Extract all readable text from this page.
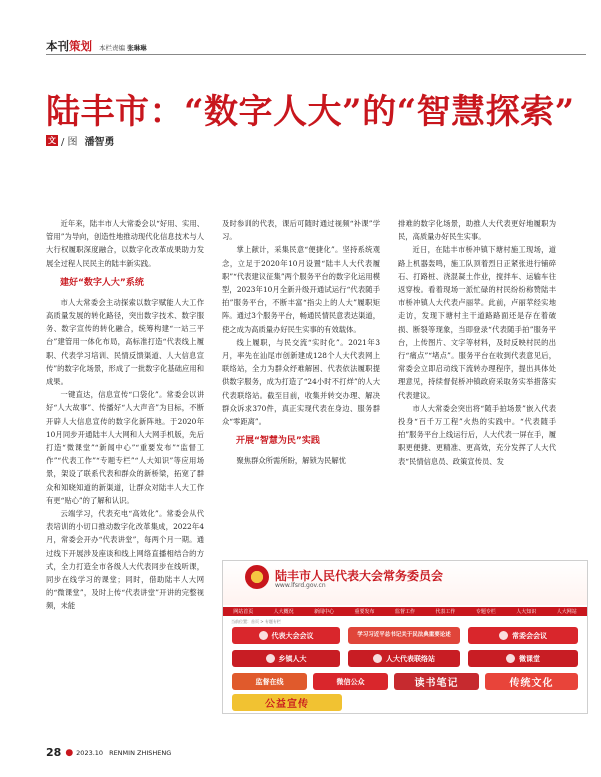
本刊 策划 本栏责编 张琳琳
陆丰市：“数字人大”的“智慧探索”
文 / 图 潘智勇

近年来，陆丰市人大常委会以“好用、实用、管用”为导向，创造性地推动现代化信息技术与人大行权履职深度融合，以数字化改革成果助力发展全过程人民民主的陆丰新实践。

建好“数字人大”系统

市人大常委会主动探索以数字赋能人大工作高质量发展的转化路径，突出数字技术、数字服务、数字宣传的转化融合，统筹构建“一站三平台”建管用一体化布局，高标准打造“代表线上履职、代表学习培训、民情反馈渠道、人大信息宣传”的数字化场景，形成了一批数字化基础应用和成果。

一键直达，信息宣传“口袋化”。常委会以讲好“人大故事”、传播好“人大声音”为目标，不断开辟人大信息宣传的数字化新阵地。于2020年10月同步开通陆丰人大网和人大网手机版，先后打造“微课堂”“新闻中心”“重要发布”“监督工作”“代表工作”“专题专栏”“人大知识”等应用场景，架设了联系代表和群众的新桥梁，拓宽了群众和知晓知道的新渠道，让群众对陆丰人大工作有更“贴心”的了解和认识。

云端学习，代表充电“高效化”。常委会从代表培训的小切口推动数字化改革集成，2022年4月，常委会开办“代表讲堂”，每两个月一期。通过线下开展涉及座谈和线上网络直播相结合的方式，全力打造全市各级人大代表同步在线听课，同步在线学习的课堂；同时，借助陆丰人大网的“微课堂”，及时上传“代表讲堂”开讲的完整视频，未能

及时参训的代表，课后可随时通过视频“补课”学习。

掌上献计，采集民意“便捷化”。坚持系统观念，立足于2020年10月设置“陆丰人大代表履职”“代表建议征集”两个服务平台的数字化运用模型，2023年10月全新升级开通试运行“代表随手拍”服务平台，不断丰富“指尖上的人大”履职矩阵。通过3个服务平台，畅通民情民意表达渠道，使之成为高质量办好民生实事的有效载体。

线上履职，与民交流“实时化”。2021年3月，率先在汕尾市创新建成128个人大代表网上联络站，全力为群众纾难解困、代表依法履职提供数字服务，成为打造了“24小时不打烊”的人大代表联络站。截至目前，收集并转交办理、解决群众诉求370件，真正实现代表在身边、服务群众“零距离”。

开展“智慧为民”实践

聚焦群众所需所盼，解锁为民解忧

排难的数字化场景，助推人大代表更好地履职为民，高质量办好民生实事。

近日，在陆丰市桥冲镇下塘村施工现场，道路上机器轰鸣，施工队顶着烈日正紧张进行铺碎石、打路桩、浇混凝土作业，搅拌车、运输车往返穿梭。看着现场一派忙碌的村民纷纷称赞陆丰市桥冲镇人大代表卢丽苹。此前，卢丽苹经实地走访，发现下塘村主干道路路面还是存在着破损、断裂等现象，当即登录“代表随手拍”服务平台，上传图片、文字等材料，及时反映村民的出行“痛点”“堵点”。服务平台在收到代表意见后，常委会立即启动线下流转办理程序，提出具体处理意见，持续督促桥冲镇政府采取务实举措落实代表建议。

市人大常委会突出将“随手拍场景”嵌入代表投身“百千万工程”火热的实践中。“代表随手拍”服务平台上线运行后，人大代表一屏在手，履职更便捷、更精准、更高效，充分发挥了人大代表“民情信息员、政策宣传员、发

陆丰市人民代表大会常务委员会
www.lfsrd.gov.cn
网站首页	人大概况	新闻中心	重要发布	监督工作	代表工作	专题专栏	人大知识	人大网站
当前位置：首页 > 专题专栏
代表大会会议	学习习近平总书记关于民法典重要论述	常委会会议
乡镇人大	人大代表联络站	微课堂
监督在线	微信公众	读书笔记	传统文化
公益宣传
28 ● 2023.10 RENMIN ZHISHENG
